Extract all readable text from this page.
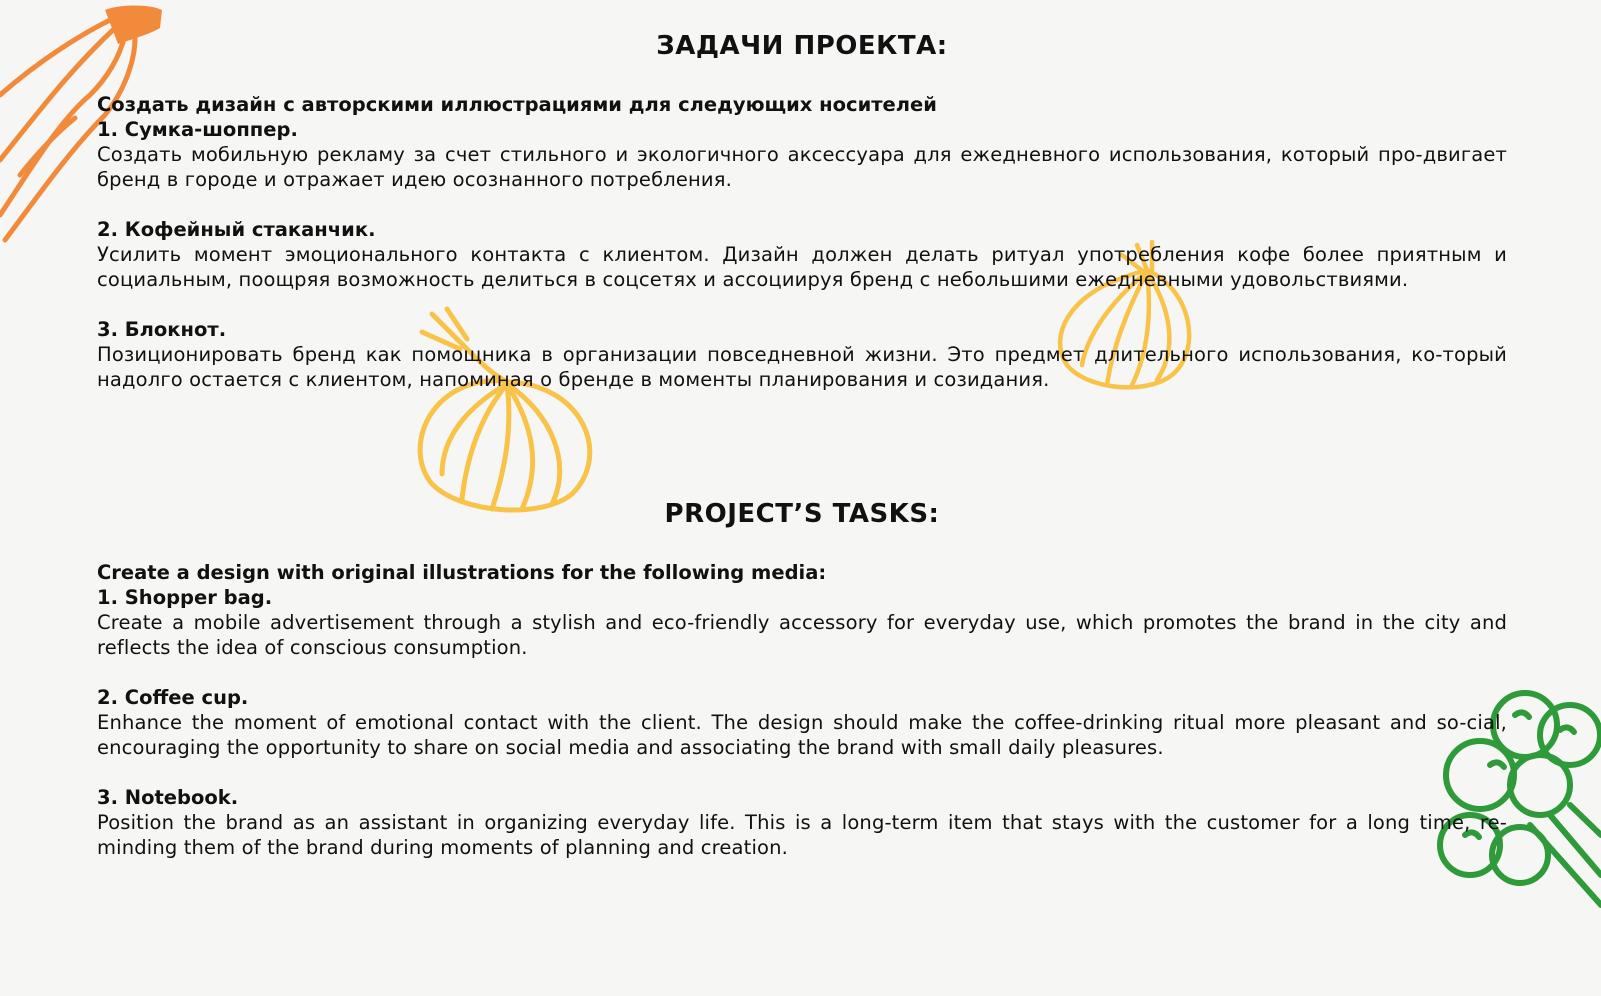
ЗАДАЧИ ПРОЕКТА:

Создать дизайн с авторскими иллюстрациями для следующих носителей

1. Сумка-шоппер.

Создать мобильную рекламу за счет стильного и экологичного аксессуара для ежедневного использования, который про-двигает бренд в городе и отражает идею осознанного потребления.

2. Кофейный стаканчик.

Усилить момент эмоционального контакта с клиентом. Дизайн должен делать ритуал употребления кофе более приятным и социальным, поощряя возможность делиться в соцсетях и ассоциируя бренд с небольшими ежедневными удовольствиями.

3. Блокнот.

Позиционировать бренд как помощника в организации повседневной жизни. Это предмет длительного использования, ко-торый надолго остается с клиентом, напоминая о бренде в моменты планирования и созидания.

PROJECT’S TASKS:

Create a design with original illustrations for the following media:

1. Shopper bag.

Create a mobile advertisement through a stylish and eco-friendly accessory for everyday use, which promotes the brand in the city and reflects the idea of conscious consumption.

2. Coffee cup.

Enhance the moment of emotional contact with the client. The design should make the coffee-drinking ritual more pleasant and so-cial, encouraging the opportunity to share on social media and associating the brand with small daily pleasures.

3. Notebook.

Position the brand as an assistant in organizing everyday life. This is a long-term item that stays with the customer for a long time, re-minding them of the brand during moments of planning and creation.
